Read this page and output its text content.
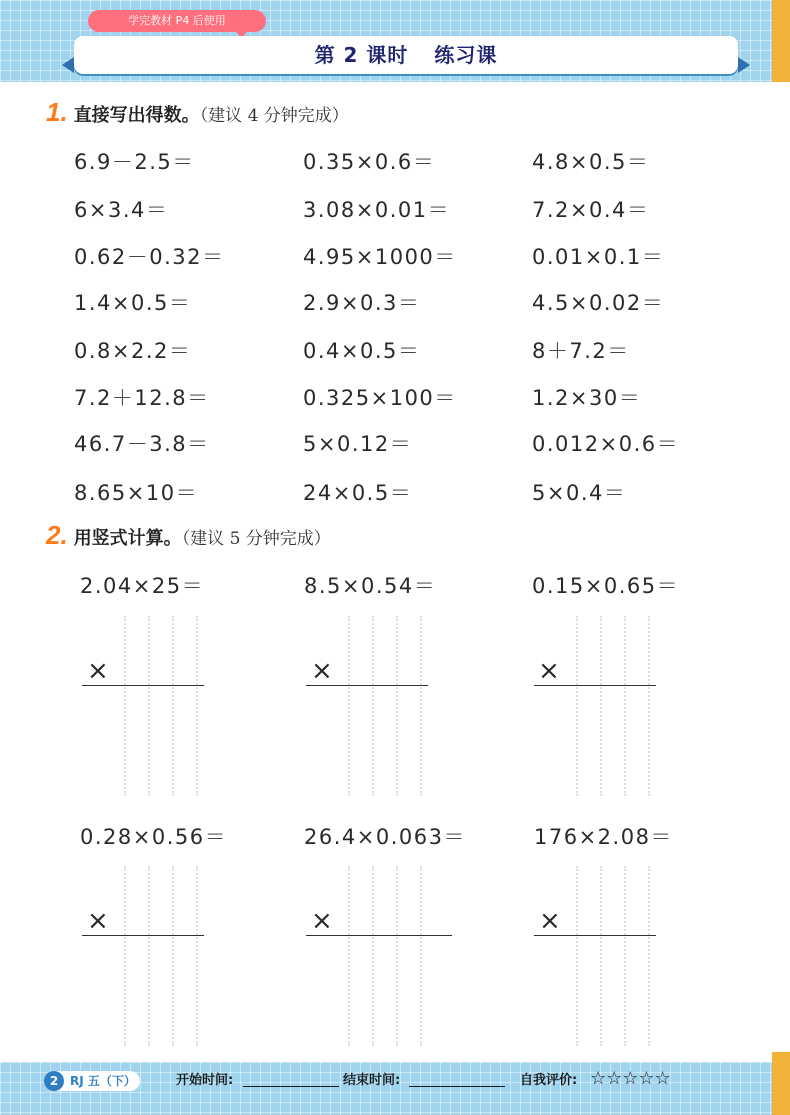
学完教材 P4 后使用
第 2 课时 练习课
1. 直接写出得数。（建议 4 分钟完成）
6.9－2.5＝	0.35×0.6＝	4.8×0.5＝
6×3.4＝	3.08×0.01＝	7.2×0.4＝
0.62－0.32＝	4.95×1000＝	0.01×0.1＝
1.4×0.5＝	2.9×0.3＝	4.5×0.02＝
0.8×2.2＝	0.4×0.5＝	8＋7.2＝
7.2＋12.8＝	0.325×100＝	1.2×30＝
46.7－3.8＝	5×0.12＝	0.012×0.6＝
8.65×10＝	24×0.5＝	5×0.4＝
2. 用竖式计算。（建议 5 分钟完成）
2.04×25＝	8.5×0.54＝	0.15×0.65＝
×	×	×
0.28×0.56＝	26.4×0.063＝	176×2.08＝
×	×	×
2 RJ 五（下）	开始时间:	结束时间:	自我评价: ☆☆☆☆☆
